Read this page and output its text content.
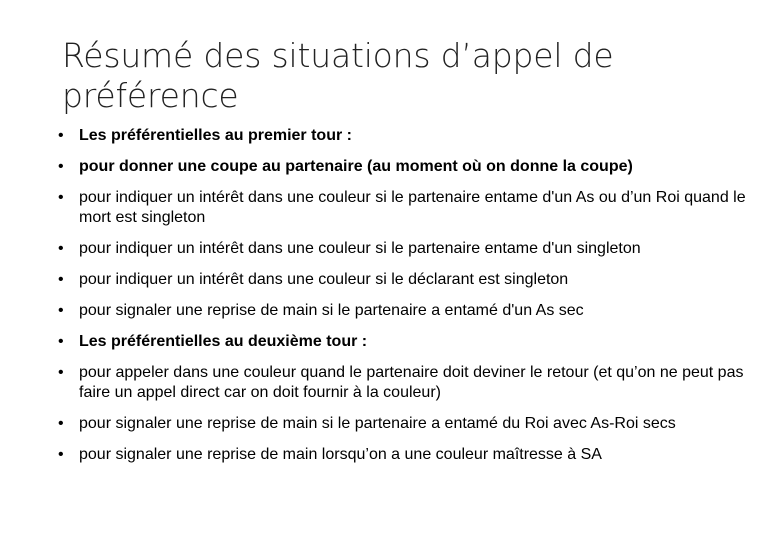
Résumé des situations d’appel de préférence
• Les préférentielles au premier tour :
• pour donner une coupe au partenaire (au moment où on donne la coupe)
• pour indiquer un intérêt dans une couleur si le partenaire entame d'un As ou d’un Roi quand le mort est singleton
• pour indiquer un intérêt dans une couleur si le partenaire entame d'un singleton
• pour indiquer un intérêt dans une couleur si le déclarant est singleton
• pour signaler une reprise de main si le partenaire a entamé d'un As sec
• Les préférentielles au deuxième tour :
• pour appeler dans une couleur quand le partenaire doit deviner le retour (et qu’on ne peut pas faire un appel direct car on doit fournir à la couleur)
• pour signaler une reprise de main si le partenaire a entamé du Roi avec As-Roi secs
• pour signaler une reprise de main lorsqu’on a une couleur maîtresse à SA
